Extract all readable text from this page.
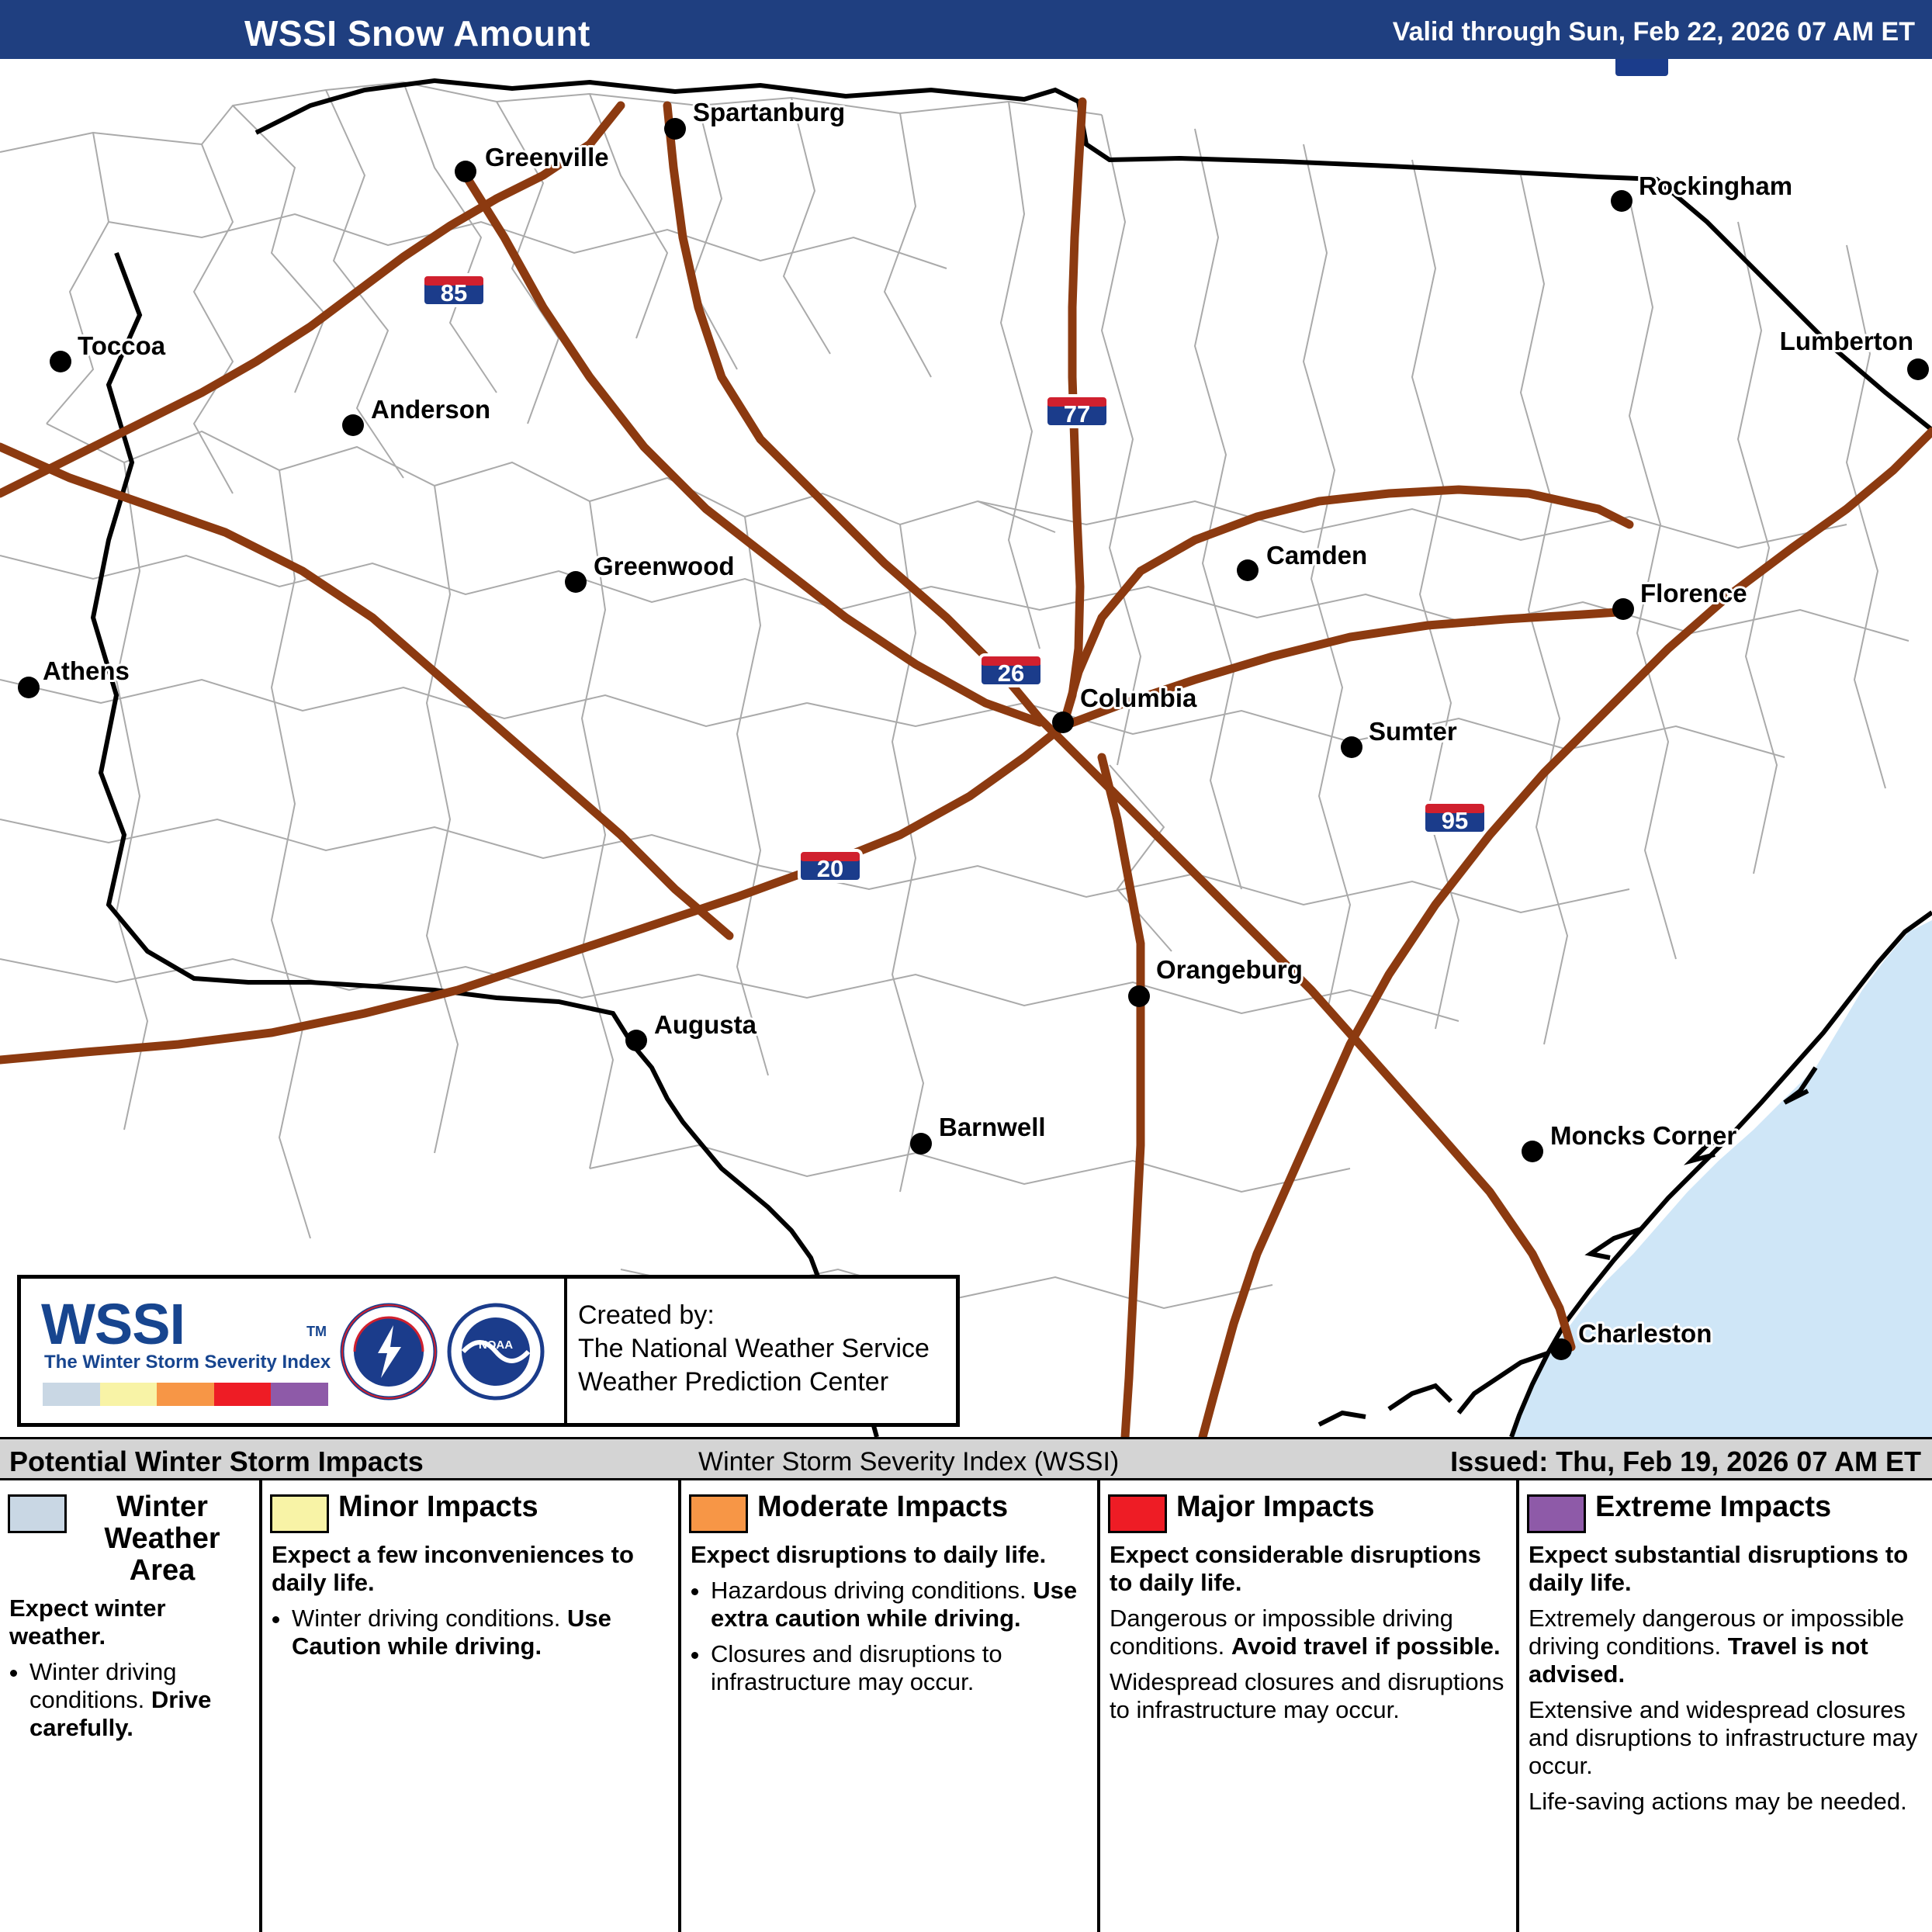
WSSI Snow Amount	Valid through Sun, Feb 22, 2026 07 AM ET
85
77
26
95
20
Spartanburg
Greenville
Rockingham
Toccoa	Lumberton
Anderson
Greenwood	Camden
Florence
Athens
Columbia
Sumter
Augusta
Orangeburg
Barnwell	Moncks Corner
Charleston
WSSI	TM
The Winter Storm Severity Index
NOAA
Created by:
The National Weather Service
Weather Prediction Center
Potential Winter Storm Impacts	Winter Storm Severity Index (WSSI)	Issued: Thu, Feb 19, 2026 07 AM ET
Winter Weather Area

Expect winter weather.

• Winter driving conditions. Drive carefully.
Minor Impacts

Expect a few inconveniences to daily life.

• Winter driving conditions. Use Caution while driving.
Moderate Impacts

Expect disruptions to daily life.

• Hazardous driving conditions. Use extra caution while driving.
• Closures and disruptions to infrastructure may occur.
Major Impacts

Expect considerable disruptions to daily life.

Dangerous or impossible driving conditions. Avoid travel if possible.

Widespread closures and disruptions to infrastructure may occur.

Extreme Impacts

Expect substantial disruptions to daily life.

Extremely dangerous or impossible driving conditions. Travel is not advised.

Extensive and widespread closures and disruptions to infrastructure may occur.

Life-saving actions may be needed.
